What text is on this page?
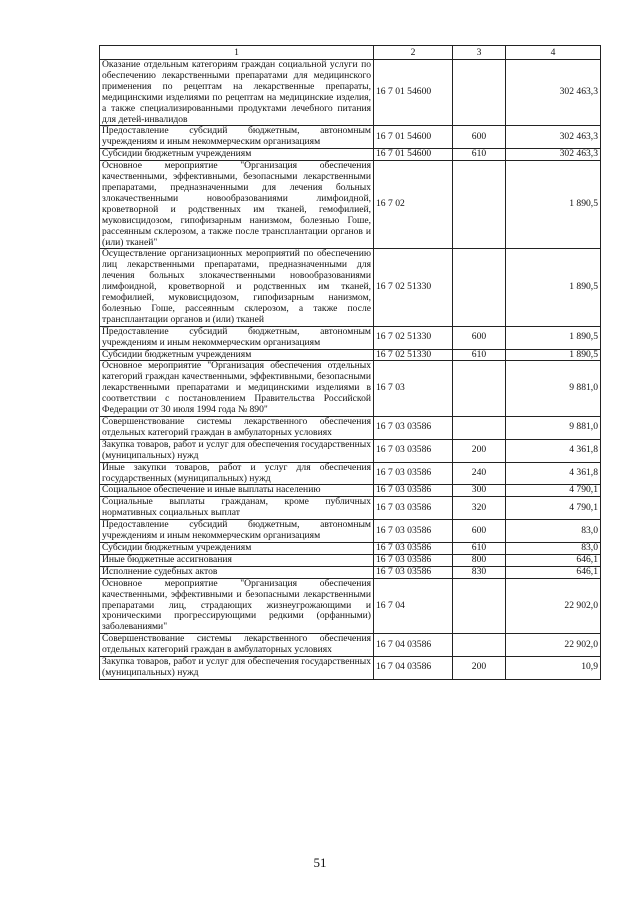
1	2	3	4
Оказание отдельным категориям граждан социальной услуги по обеспечению лекарственными препаратами для медицинского применения по рецептам на лекарственные препараты, медицинскими изделиями по рецептам на медицинские изделия, а также специализированными продуктами лечебного питания для детей-инвалидов	16 7 01 54600		302 463,3
Предоставление субсидий бюджетным, автономным учреждениям и иным некоммерческим организациям	16 7 01 54600	600	302 463,3
Субсидии бюджетным учреждениям	16 7 01 54600	610	302 463,3
Основное мероприятие "Организация обеспечения качественными, эффективными, безопасными лекарственными препаратами, предназначенными для лечения больных злокачественными новообразованиями лимфоидной, кроветворной и родственных им тканей, гемофилией, муковисцидозом, гипофизарным нанизмом, болезнью Гоше, рассеянным склерозом, а также после трансплантации органов и (или) тканей"	16 7 02		1 890,5
Осуществление организационных мероприятий по обеспечению лиц лекарственными препаратами, предназначенными для лечения больных злокачественными новообразованиями лимфоидной, кроветворной и родственных им тканей, гемофилией, муковисцидозом, гипофизарным нанизмом, болезнью Гоше, рассеянным склерозом, а также после трансплантации органов и (или) тканей	16 7 02 51330		1 890,5
Предоставление субсидий бюджетным, автономным учреждениям и иным некоммерческим организациям	16 7 02 51330	600	1 890,5
Субсидии бюджетным учреждениям	16 7 02 51330	610	1 890,5
Основное мероприятие "Организация обеспечения отдельных категорий граждан качественными, эффективными, безопасными лекарственными препаратами и медицинскими изделиями в соответствии с постановлением Правительства Российской Федерации от 30 июля 1994 года № 890"	16 7 03		9 881,0
Совершенствование системы лекарственного обеспечения отдельных категорий граждан в амбулаторных условиях	16 7 03 03586		9 881,0
Закупка товаров, работ и услуг для обеспечения государственных (муниципальных) нужд	16 7 03 03586	200	4 361,8
Иные закупки товаров, работ и услуг для обеспечения государственных (муниципальных) нужд	16 7 03 03586	240	4 361,8
Социальное обеспечение и иные выплаты населению	16 7 03 03586	300	4 790,1
Социальные выплаты гражданам, кроме публичных нормативных социальных выплат	16 7 03 03586	320	4 790,1
Предоставление субсидий бюджетным, автономным учреждениям и иным некоммерческим организациям	16 7 03 03586	600	83,0
Субсидии бюджетным учреждениям	16 7 03 03586	610	83,0
Иные бюджетные ассигнования	16 7 03 03586	800	646,1
Исполнение судебных актов	16 7 03 03586	830	646,1
Основное мероприятие "Организация обеспечения качественными, эффективными и безопасными лекарственными препаратами лиц, страдающих жизнеугрожающими и хроническими прогрессирующими редкими (орфанными) заболеваниями"	16 7 04		22 902,0
Совершенствование системы лекарственного обеспечения отдельных категорий граждан в амбулаторных условиях	16 7 04 03586		22 902,0
Закупка товаров, работ и услуг для обеспечения государственных (муниципальных) нужд	16 7 04 03586	200	10,9
51
